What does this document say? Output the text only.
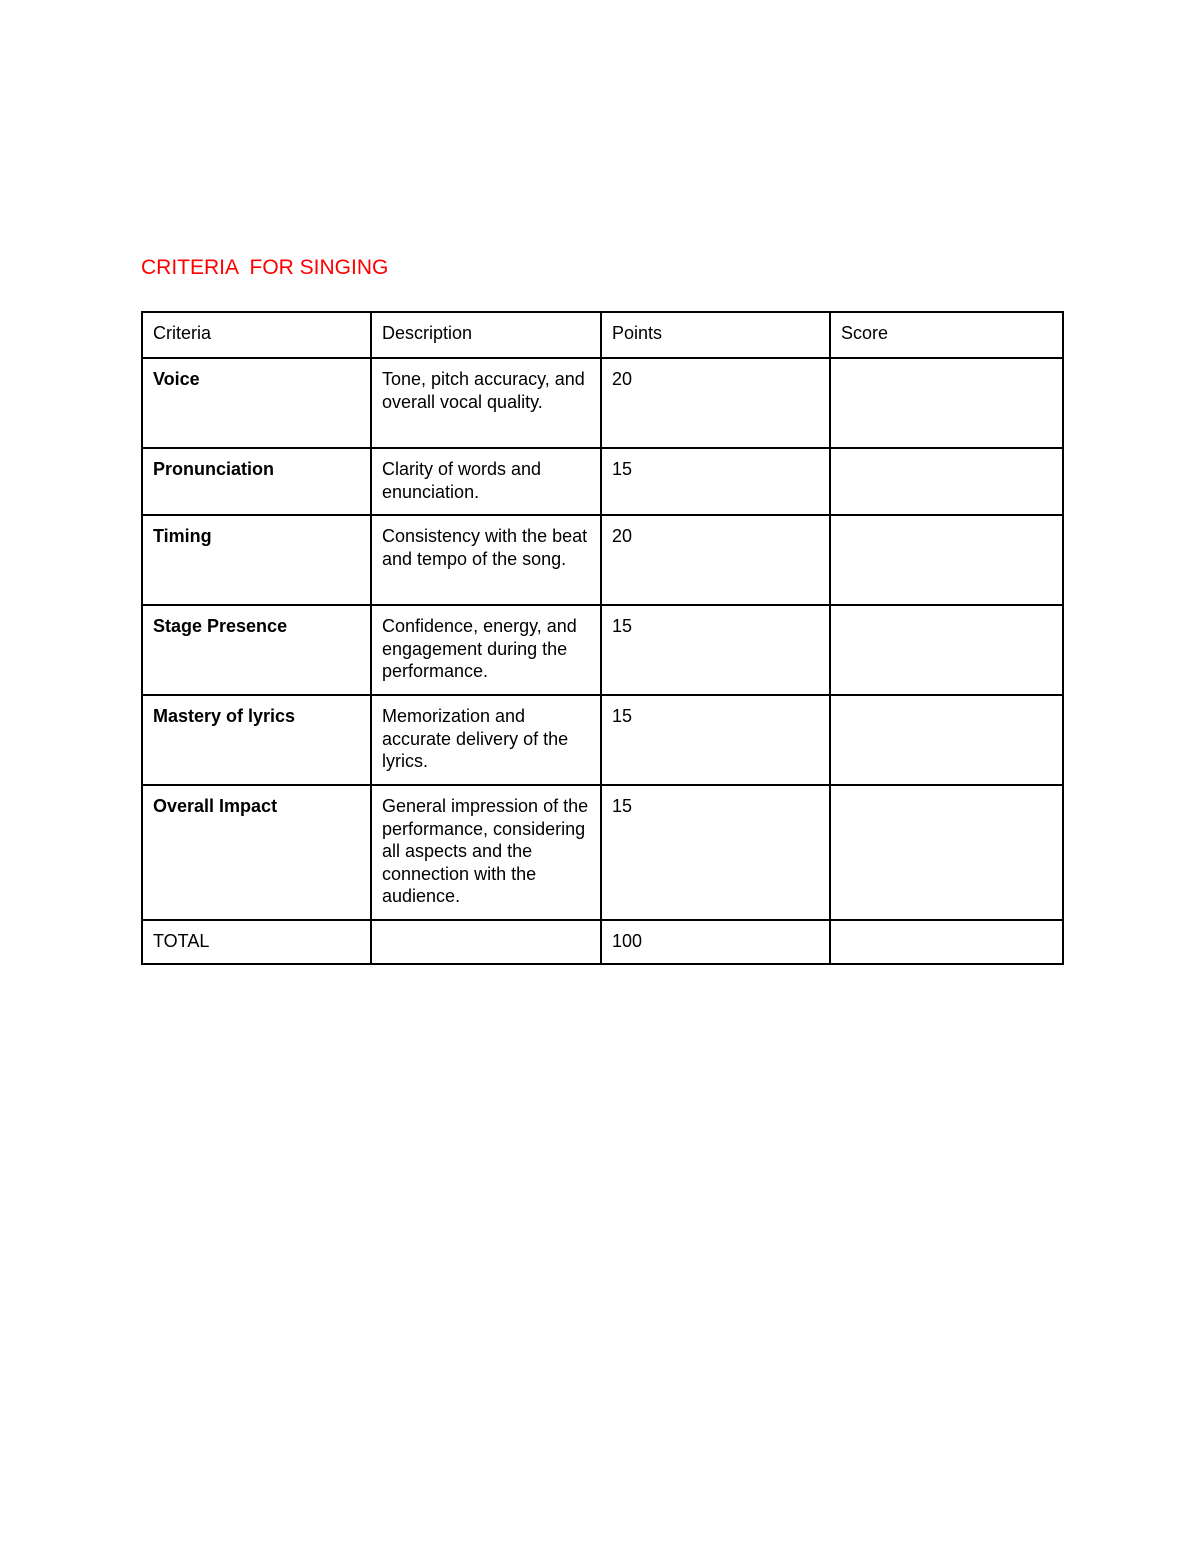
CRITERIA  FOR SINGING
Criteria	Description	Points	Score
Voice	Tone, pitch accuracy, and overall vocal quality.	20	
Pronunciation	Clarity of words and enunciation.	15	
Timing	Consistency with the beat and tempo of the song.	20	
Stage Presence	Confidence, energy, and engagement during the performance.	15	
Mastery of lyrics	Memorization and accurate delivery of the lyrics.	15	
Overall Impact	General impression of the performance, considering all aspects and the connection with the audience.	15	
TOTAL		100	
